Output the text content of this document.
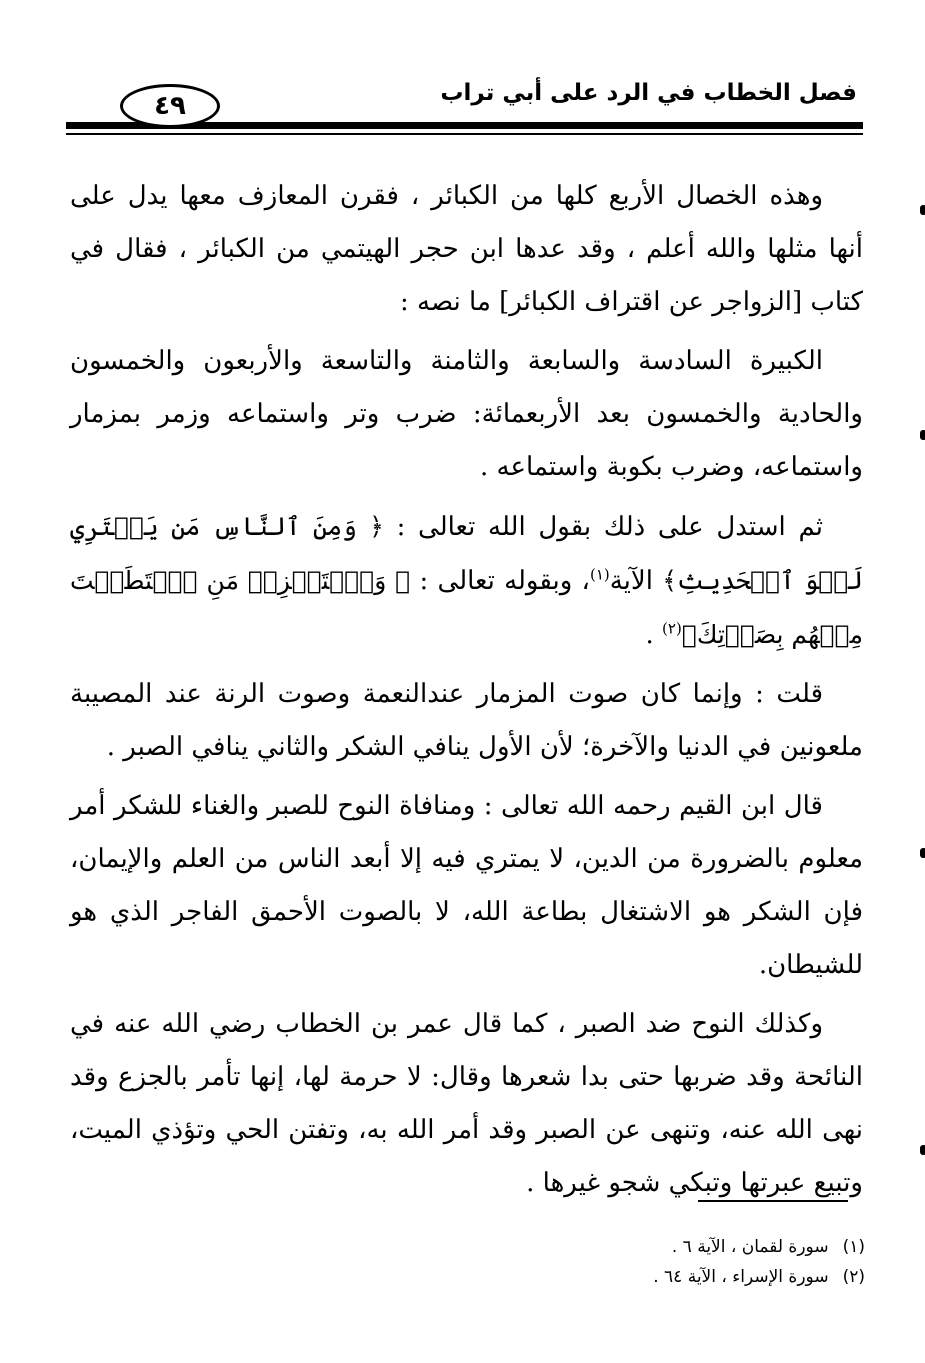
فصل الخطاب في الرد على أبي تراب
٤٩

وهذه الخصال الأربع كلها من الكبائر ، فقرن المعازف معها يدل على أنها مثلها والله أعلم ، وقد عدها ابن حجر الهيتمي من الكبائر ، فقال في كتاب [الزواجر عن اقتراف الكبائر] ما نصه :

الكبيرة السادسة والسابعة والثامنة والتاسعة والأربعون والخمسون والحادية والخمسون بعد الأربعمائة: ضرب وتر واستماعه وزمر بمزمار واستماعه، وضرب بكوبة واستماعه .

ثم استدل على ذلك بقول الله تعالى : ﴿ وَمِنَ ٱلنَّاسِ مَن يَشۡتَرِي لَهۡوَ ٱلۡحَدِيثِ﴾ الآية$^{(١)}$، وبقوله تعالى : ﴿ وَٱسۡتَفۡزِزۡ مَنِ ٱسۡتَطَعۡتَ مِنۡهُم بِصَوۡتِكَ﴾$^{(٢)}$ .

قلت : وإنما كان صوت المزمار عندالنعمة وصوت الرنة عند المصيبة ملعونين في الدنيا والآخرة؛ لأن الأول ينافي الشكر والثاني ينافي الصبر .

قال ابن القيم رحمه الله تعالى : ومنافاة النوح للصبر والغناء للشكر أمر معلوم بالضرورة من الدين، لا يمتري فيه إلا أبعد الناس من العلم والإيمان، فإن الشكر هو الاشتغال بطاعة الله، لا بالصوت الأحمق الفاجر الذي هو للشيطان.

وكذلك النوح ضد الصبر ، كما قال عمر بن الخطاب رضي الله عنه في النائحة وقد ضربها حتى بدا شعرها وقال: لا حرمة لها، إنها تأمر بالجزع وقد نهى الله عنه، وتنهى عن الصبر وقد أمر الله به، وتفتن الحي وتؤذي الميت، وتبيع عبرتها وتبكي شجو غيرها .

(١)سورة لقمان ، الآية ٦ .

(٢)سورة الإسراء ، الآية ٦٤ .
